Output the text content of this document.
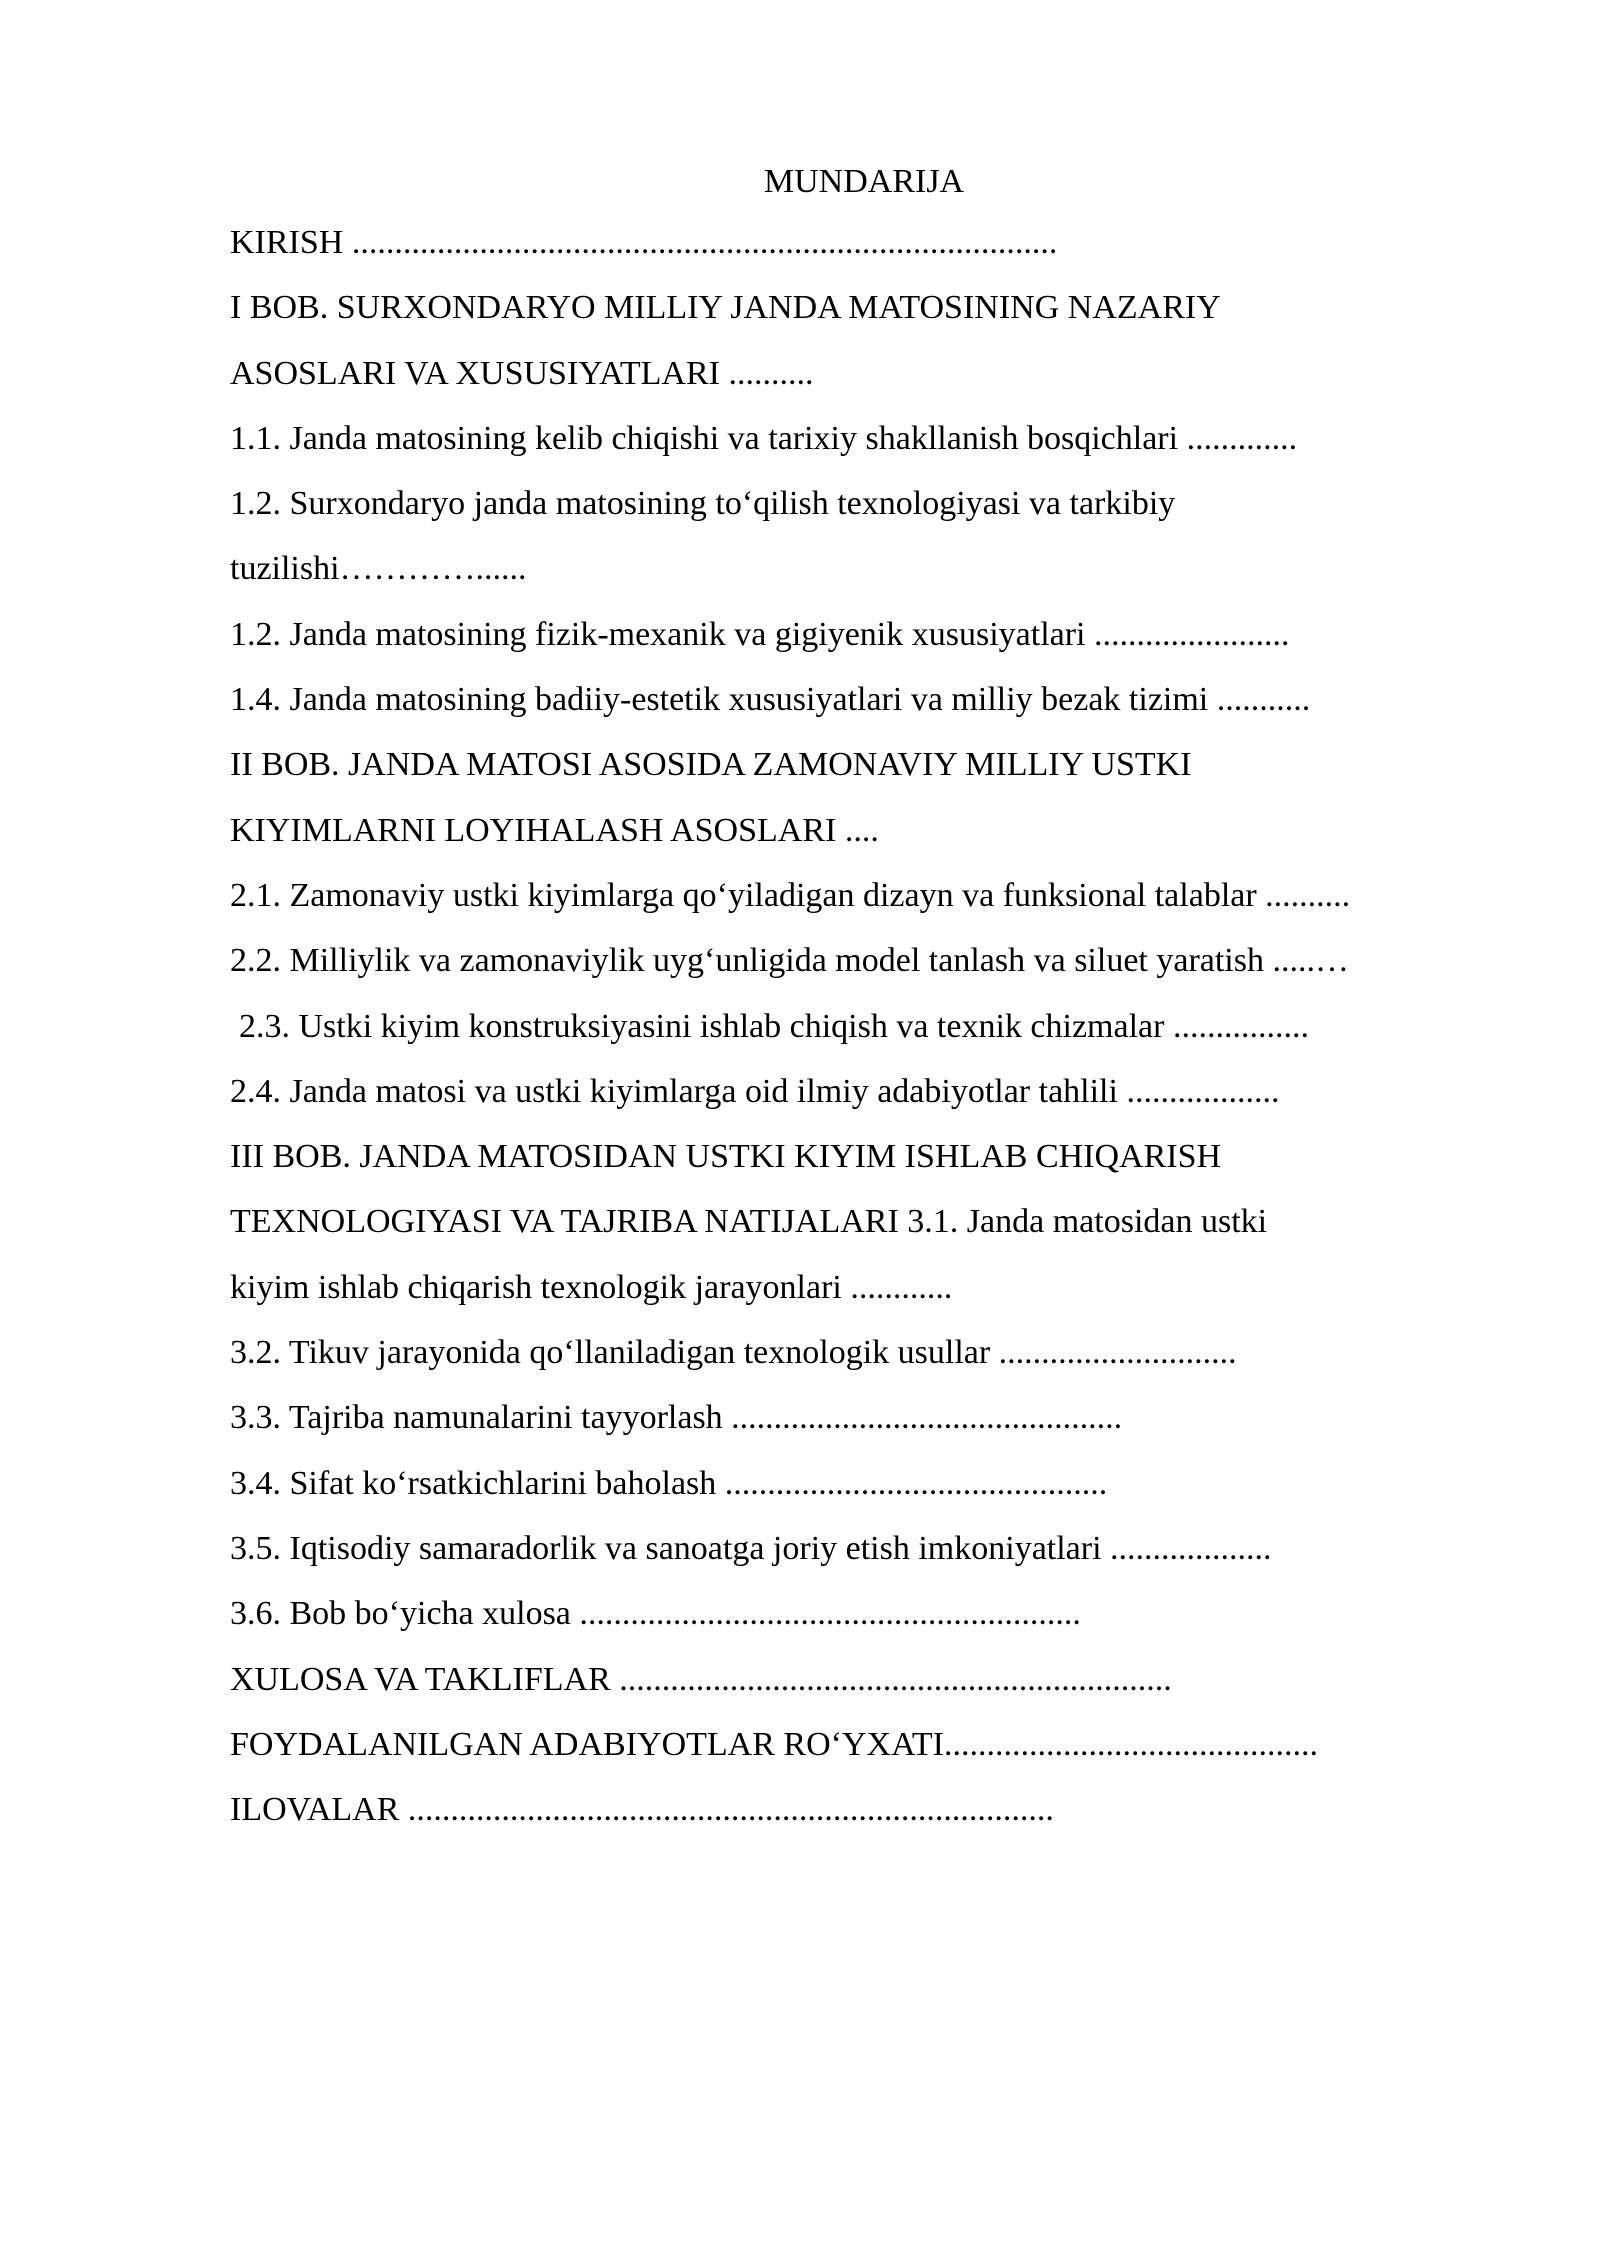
MUNDARIJA
KIRISH ...................................................................................
I BOB. SURXONDARYO MILLIY JANDA MATOSINING NAZARIY
ASOSLARI VA XUSUSIYATLARI ..........
1.1. Janda matosining kelib chiqishi va tarixiy shakllanish bosqichlari .............
1.2. Surxondaryo janda matosining to‘qilish texnologiyasi va tarkibiy
tuzilishi…………......
1.2. Janda matosining fizik-mexanik va gigiyenik xususiyatlari .......................
1.4. Janda matosining badiiy-estetik xususiyatlari va milliy bezak tizimi ...........
II BOB. JANDA MATOSI ASOSIDA ZAMONAVIY MILLIY USTKI
KIYIMLARNI LOYIHALASH ASOSLARI ....
2.1. Zamonaviy ustki kiyimlarga qo‘yiladigan dizayn va funksional talablar ..........
2.2. Milliylik va zamonaviylik uyg‘unligida model tanlash va siluet yaratish .....…
2.3. Ustki kiyim konstruksiyasini ishlab chiqish va texnik chizmalar ................
2.4. Janda matosi va ustki kiyimlarga oid ilmiy adabiyotlar tahlili ..................
III BOB. JANDA MATOSIDAN USTKI KIYIM ISHLAB CHIQARISH
TEXNOLOGIYASI VA TAJRIBA NATIJALARI 3.1. Janda matosidan ustki
kiyim ishlab chiqarish texnologik jarayonlari ............
3.2. Tikuv jarayonida qo‘llaniladigan texnologik usullar ............................
3.3. Tajriba namunalarini tayyorlash ..............................................
3.4. Sifat ko‘rsatkichlarini baholash .............................................
3.5. Iqtisodiy samaradorlik va sanoatga joriy etish imkoniyatlari ...................
3.6. Bob bo‘yicha xulosa ...........................................................
XULOSA VA TAKLIFLAR .................................................................
FOYDALANILGAN ADABIYOTLAR RO‘YXATI............................................
ILOVALAR ............................................................................
